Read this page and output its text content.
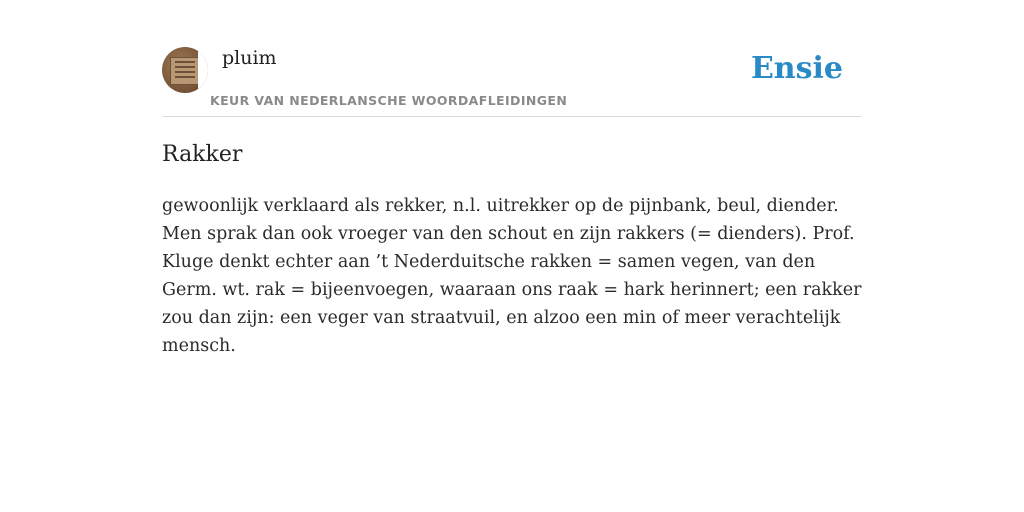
pluim
KEUR VAN NEDERLANSCHE WOORDAFLEIDINGEN
Ensie
Rakker

gewoonlijk verklaard als rekker, n.l. uitrekker op de pijnbank, beul, diender. Men sprak dan ook vroeger van den schout en zijn rakkers (= dienders). Prof. Kluge denkt echter aan ’t Nederduitsche rakken = samen vegen, van den Germ. wt. rak = bijeenvoegen, waaraan ons raak = hark herinnert; een rakker zou dan zijn: een veger van straatvuil, en alzoo een min of meer verachtelijk mensch.
